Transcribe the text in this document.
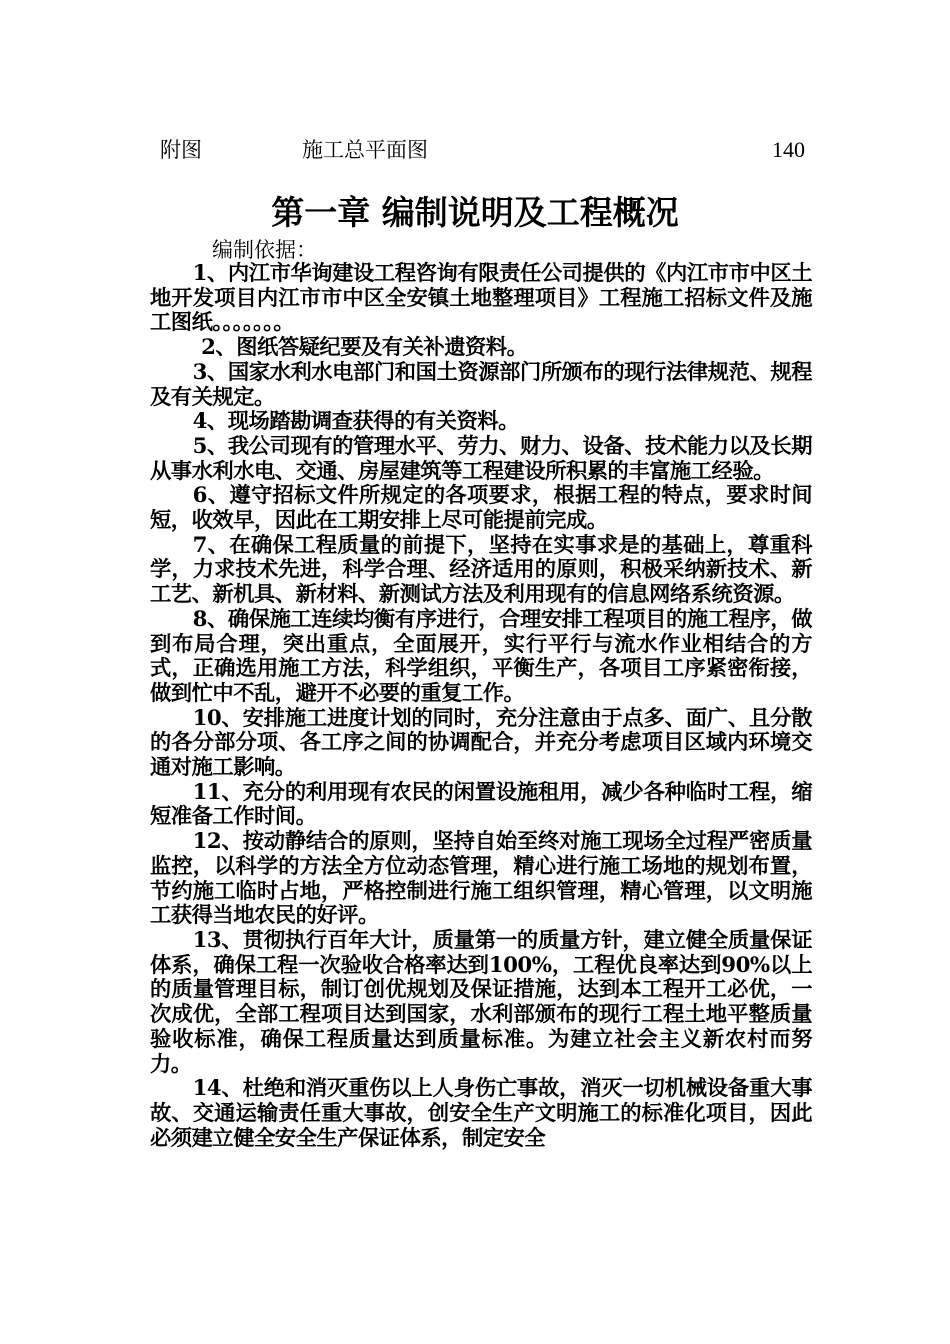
附图	施工总平面图	140
第一章 编制说明及工程概况
编制依据：

1、内江市华询建设工程咨询有限责任公司提供的《内江市市中区土地开发项目内江市市中区全安镇土地整理项目》工程施工招标文件及施工图纸。。。。。。。

2、图纸答疑纪要及有关补遗资料。

3、国家水利水电部门和国土资源部门所颁布的现行法律规范、规程及有关规定。

4、现场踏勘调查获得的有关资料。

5、我公司现有的管理水平、劳力、财力、设备、技术能力以及长期从事水利水电、交通、房屋建筑等工程建设所积累的丰富施工经验。

6、遵守招标文件所规定的各项要求，根据工程的特点，要求时间短，收效早，因此在工期安排上尽可能提前完成。

7、在确保工程质量的前提下，坚持在实事求是的基础上，尊重科学，力求技术先进，科学合理、经济适用的原则，积极采纳新技术、新工艺、新机具、新材料、新测试方法及利用现有的信息网络系统资源。

8、确保施工连续均衡有序进行，合理安排工程项目的施工程序，做到布局合理，突出重点，全面展开，实行平行与流水作业相结合的方式，正确选用施工方法，科学组织，平衡生产，各项目工序紧密衔接，做到忙中不乱，避开不必要的重复工作。

10、安排施工进度计划的同时，充分注意由于点多、面广、且分散的各分部分项、各工序之间的协调配合，并充分考虑项目区域内环境交通对施工影响。

11、充分的利用现有农民的闲置设施租用，减少各种临时工程，缩短准备工作时间。

12、按动静结合的原则，坚持自始至终对施工现场全过程严密质量监控，以科学的方法全方位动态管理，精心进行施工场地的规划布置，节约施工临时占地，严格控制进行施工组织管理，精心管理，以文明施工获得当地农民的好评。

13、贯彻执行百年大计，质量第一的质量方针，建立健全质量保证体系，确保工程一次验收合格率达到100%，工程优良率达到90%以上的质量管理目标，制订创优规划及保证措施，达到本工程开工必优，一次成优，全部工程项目达到国家，水利部颁布的现行工程土地平整质量验收标准，确保工程质量达到质量标准。为建立社会主义新农村而努力。

14、杜绝和消灭重伤以上人身伤亡事故，消灭一切机械设备重大事故、交通运输责任重大事故，创安全生产文明施工的标准化项目，因此必须建立健全安全生产保证体系，制定安全
